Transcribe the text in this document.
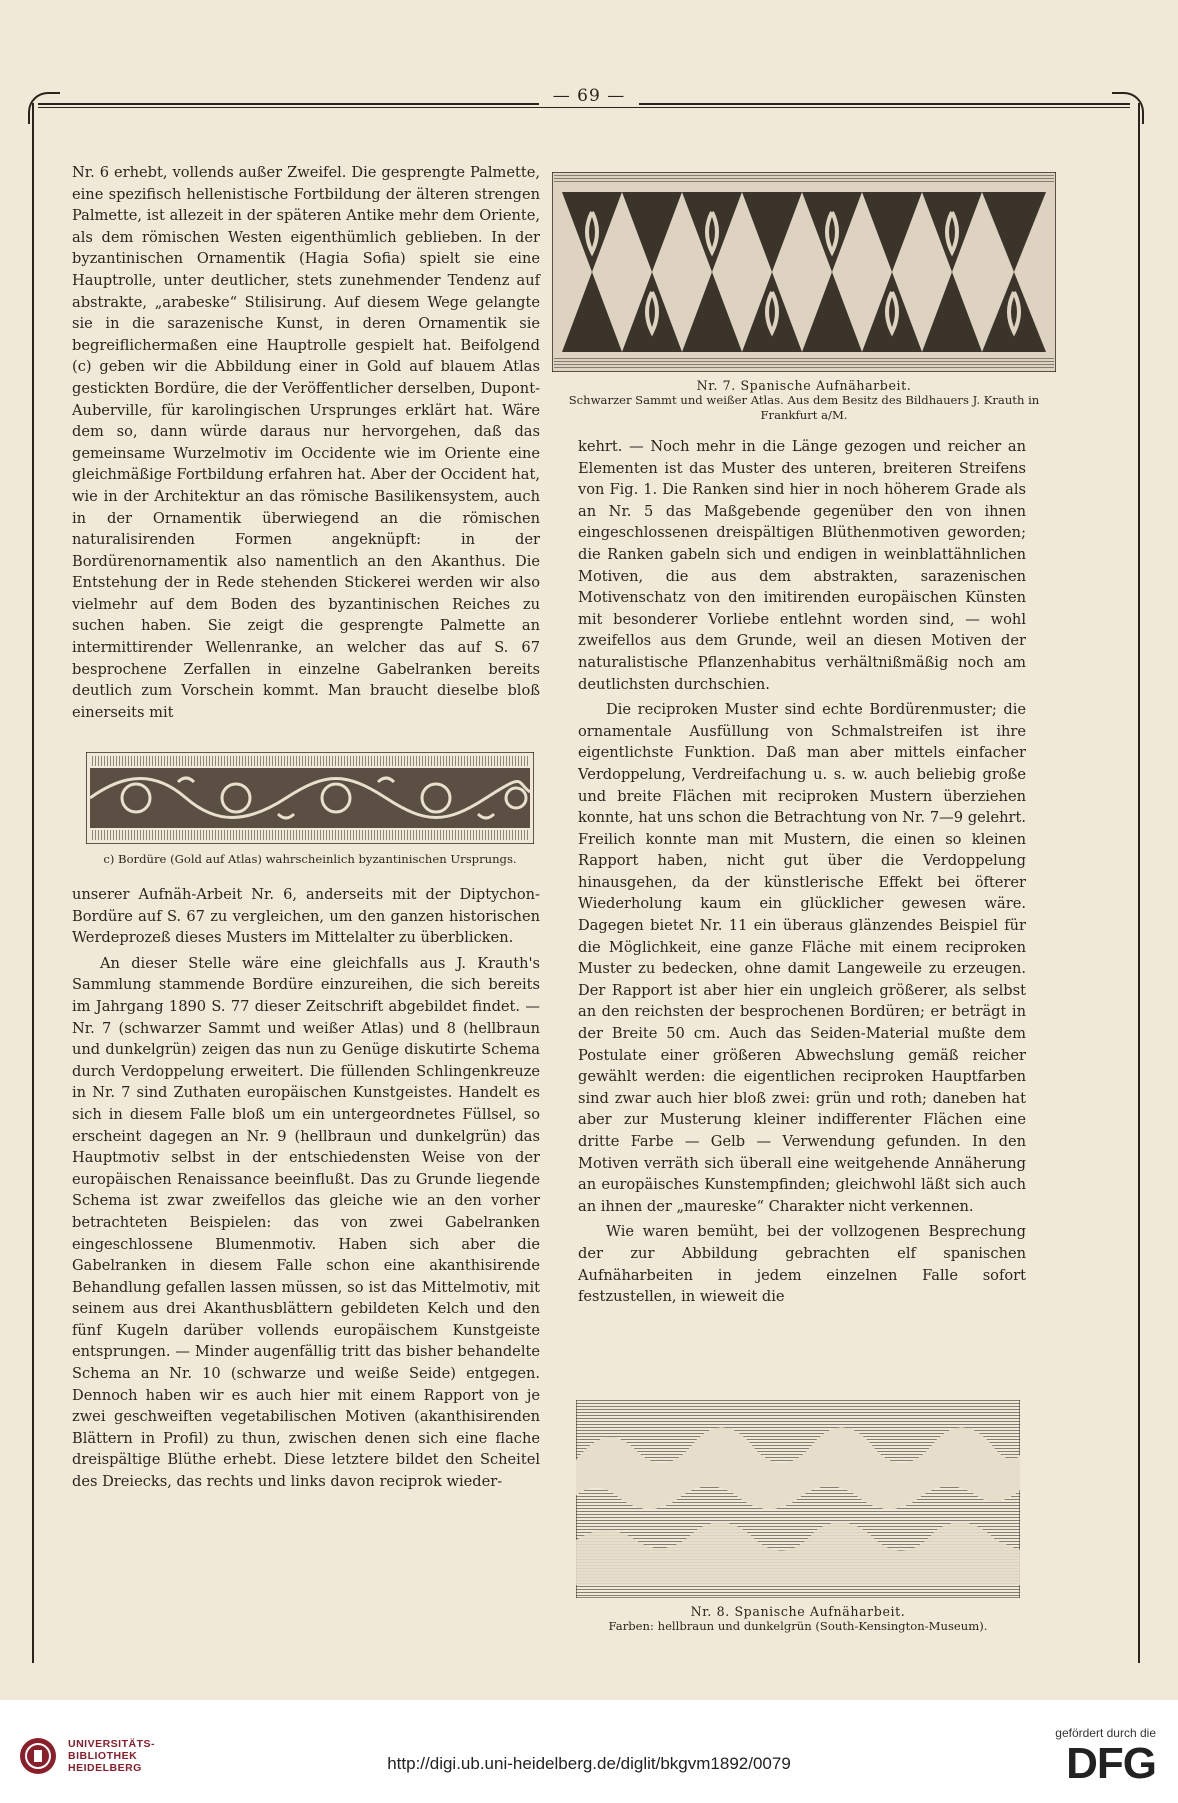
— 69 —

Nr. 6 erhebt, vollends außer Zweifel. Die gesprengte Palmette, eine spezifisch hellenistische Fortbildung der älteren strengen Palmette, ist allezeit in der späteren Antike mehr dem Oriente, als dem römischen Westen eigenthümlich geblieben. In der byzantinischen Ornamentik (Hagia Sofia) spielt sie eine Hauptrolle, unter deutlicher, stets zunehmender Tendenz auf abstrakte, „arabeske“ Stilisirung. Auf diesem Wege gelangte sie in die sarazenische Kunst, in deren Ornamentik sie begreiflichermaßen eine Hauptrolle gespielt hat. Beifolgend (c) geben wir die Abbildung einer in Gold auf blauem Atlas gestickten Bordüre, die der Veröffentlicher derselben, Dupont-Auberville, für karolingischen Ursprunges erklärt hat. Wäre dem so, dann würde daraus nur hervorgehen, daß das gemeinsame Wurzelmotiv im Occidente wie im Oriente eine gleichmäßige Fortbildung erfahren hat. Aber der Occident hat, wie in der Architektur an das römische Basilikensystem, auch in der Ornamentik überwiegend an die römischen naturalisirenden Formen angeknüpft: in der Bordürenornamentik also namentlich an den Akanthus. Die Entstehung der in Rede stehenden Stickerei werden wir also vielmehr auf dem Boden des byzantinischen Reiches zu suchen haben. Sie zeigt die gesprengte Palmette an intermittirender Wellenranke, an welcher das auf S. 67 besprochene Zerfallen in einzelne Gabelranken bereits deutlich zum Vorschein kommt. Man braucht dieselbe bloß einerseits mit

c) Bordüre (Gold auf Atlas) wahrscheinlich byzantinischen Ursprungs.

unserer Aufnäh-Arbeit Nr. 6, anderseits mit der Diptychon-Bordüre auf S. 67 zu vergleichen, um den ganzen historischen Werdeprozeß dieses Musters im Mittelalter zu überblicken.

An dieser Stelle wäre eine gleichfalls aus J. Krauth's Sammlung stammende Bordüre einzureihen, die sich bereits im Jahrgang 1890 S. 77 dieser Zeitschrift abgebildet findet. — Nr. 7 (schwarzer Sammt und weißer Atlas) und 8 (hellbraun und dunkelgrün) zeigen das nun zu Genüge diskutirte Schema durch Verdoppelung erweitert. Die füllenden Schlingenkreuze in Nr. 7 sind Zuthaten europäischen Kunstgeistes. Handelt es sich in diesem Falle bloß um ein untergeordnetes Füllsel, so erscheint dagegen an Nr. 9 (hellbraun und dunkelgrün) das Hauptmotiv selbst in der entschiedensten Weise von der europäischen Renaissance beeinflußt. Das zu Grunde liegende Schema ist zwar zweifellos das gleiche wie an den vorher betrachteten Beispielen: das von zwei Gabelranken eingeschlossene Blumenmotiv. Haben sich aber die Gabelranken in diesem Falle schon eine akanthisirende Behandlung gefallen lassen müssen, so ist das Mittelmotiv, mit seinem aus drei Akanthusblättern gebildeten Kelch und den fünf Kugeln darüber vollends europäischem Kunstgeiste entsprungen. — Minder augenfällig tritt das bisher behandelte Schema an Nr. 10 (schwarze und weiße Seide) entgegen. Dennoch haben wir es auch hier mit einem Rapport von je zwei geschweiften vegetabilischen Motiven (akanthisirenden Blättern in Profil) zu thun, zwischen denen sich eine flache dreispältige Blüthe erhebt. Diese letztere bildet den Scheitel des Dreiecks, das rechts und links davon reciprok wieder-

Nr. 7. Spanische Aufnäharbeit.
Schwarzer Sammt und weißer Atlas. Aus dem Besitz des Bildhauers J. Krauth in Frankfurt a/M.

kehrt. — Noch mehr in die Länge gezogen und reicher an Elementen ist das Muster des unteren, breiteren Streifens von Fig. 1. Die Ranken sind hier in noch höherem Grade als an Nr. 5 das Maßgebende gegenüber den von ihnen eingeschlossenen dreispältigen Blüthenmotiven geworden; die Ranken gabeln sich und endigen in weinblattähnlichen Motiven, die aus dem abstrakten, sarazenischen Motivenschatz von den imitirenden europäischen Künsten mit besonderer Vorliebe entlehnt worden sind, — wohl zweifellos aus dem Grunde, weil an diesen Motiven der naturalistische Pflanzenhabitus verhältnißmäßig noch am deutlichsten durchschien.

Die reciproken Muster sind echte Bordürenmuster; die ornamentale Ausfüllung von Schmalstreifen ist ihre eigentlichste Funktion. Daß man aber mittels einfacher Verdoppelung, Verdreifachung u. s. w. auch beliebig große und breite Flächen mit reciproken Mustern überziehen konnte, hat uns schon die Betrachtung von Nr. 7—9 gelehrt. Freilich konnte man mit Mustern, die einen so kleinen Rapport haben, nicht gut über die Verdoppelung hinausgehen, da der künstlerische Effekt bei öfterer Wiederholung kaum ein glücklicher gewesen wäre. Dagegen bietet Nr. 11 ein überaus glänzendes Beispiel für die Möglichkeit, eine ganze Fläche mit einem reciproken Muster zu bedecken, ohne damit Langeweile zu erzeugen. Der Rapport ist aber hier ein ungleich größerer, als selbst an den reichsten der besprochenen Bordüren; er beträgt in der Breite 50 cm. Auch das Seiden-Material mußte dem Postulate einer größeren Abwechslung gemäß reicher gewählt werden: die eigentlichen reciproken Hauptfarben sind zwar auch hier bloß zwei: grün und roth; daneben hat aber zur Musterung kleiner indifferenter Flächen eine dritte Farbe — Gelb — Verwendung gefunden. In den Motiven verräth sich überall eine weitgehende Annäherung an europäisches Kunstempfinden; gleichwohl läßt sich auch an ihnen der „maureske“ Charakter nicht verkennen.

Wie waren bemüht, bei der vollzogenen Besprechung der zur Abbildung gebrachten elf spanischen Aufnäharbeiten in jedem einzelnen Falle sofort festzustellen, in wieweit die

Nr. 8. Spanische Aufnäharbeit.
Farben: hellbraun und dunkelgrün (South-Kensington-Museum).
UNIVERSITÄTS-
BIBLIOTHEK
HEIDELBERG	http://digi.ub.uni-heidelberg.de/diglit/bkgvm1892/0079
gefördert durch die
DFG
